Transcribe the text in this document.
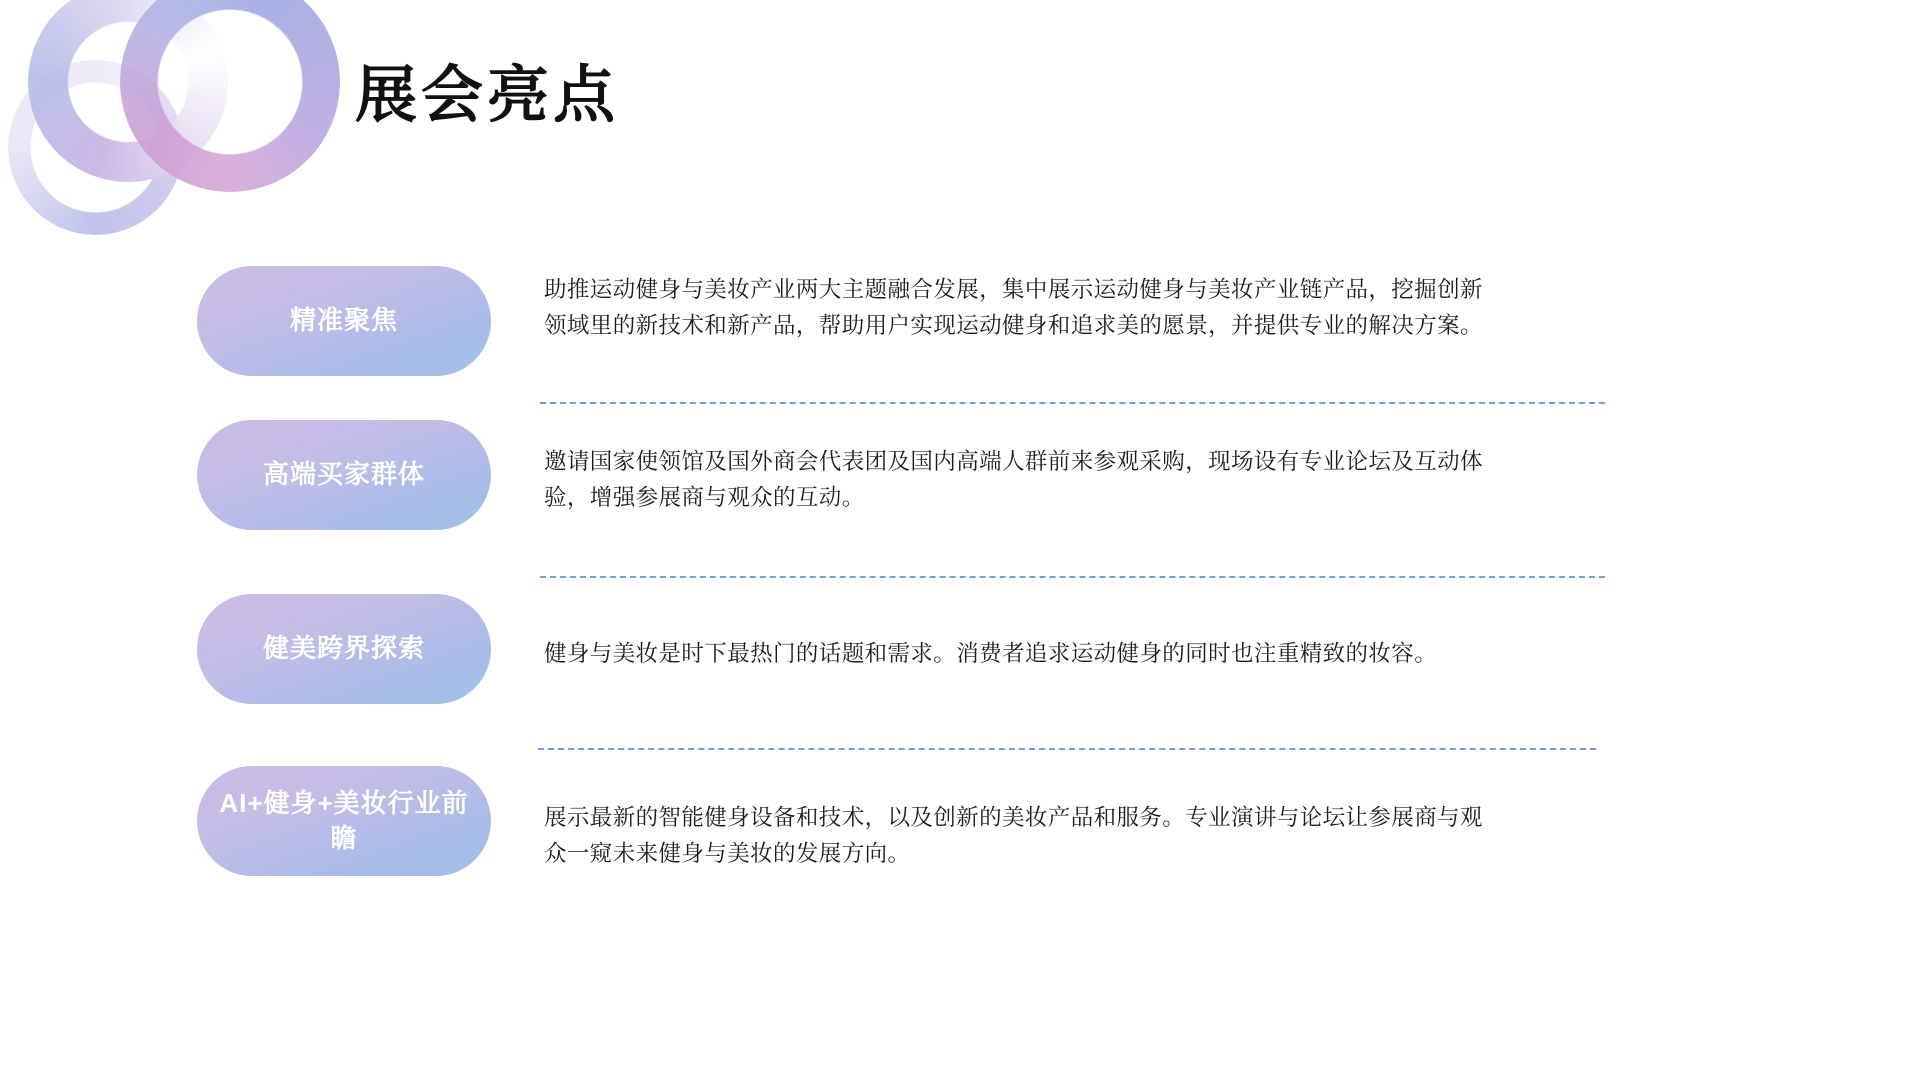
展会亮点
精准聚焦
助推运动健身与美妆产业两大主题融合发展，集中展示运动健身与美妆产业链产品，挖掘创新领域里的新技术和新产品，帮助用户实现运动健身和追求美的愿景，并提供专业的解决方案。
高端买家群体	邀请国家使领馆及国外商会代表团及国内高端人群前来参观采购，现场设有专业论坛及互动体验，增强参展商与观众的互动。
健美跨界探索	健身与美妆是时下最热门的话题和需求。消费者追求运动健身的同时也注重精致的妆容。
AI+健身+美妆行业前瞻
展示最新的智能健身设备和技术，以及创新的美妆产品和服务。专业演讲与论坛让参展商与观众一窥未来健身与美妆的发展方向。
